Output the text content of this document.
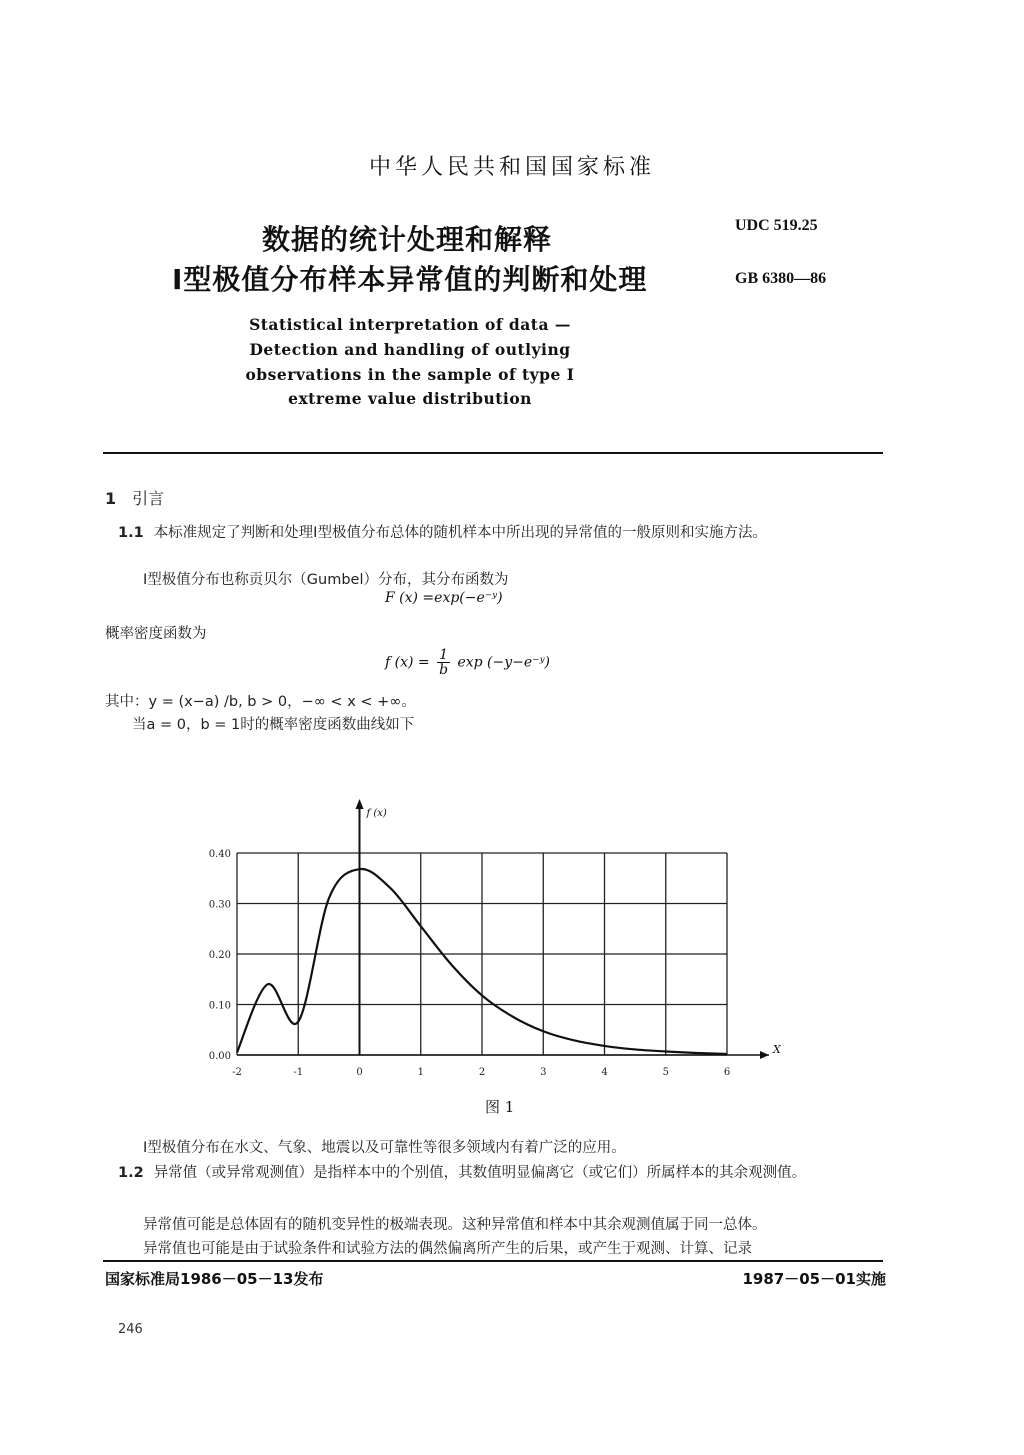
中华人民共和国国家标准
数据的统计处理和解释
I型极值分布样本异常值的判断和处理
UDC 519.25
GB 6380—86
Statistical interpretation of data —
Detection and handling of outlying
observations in the sample of type I
extreme value distribution
1 引言
1.1 本标准规定了判断和处理I型极值分布总体的随机样本中所出现的异常值的一般原则和实施方法。
I型极值分布也称贡贝尔（Gumbel）分布，其分布函数为
F (x) =exp(−e⁻ʸ)
概率密度函数为
f $(x) = \frac{1}{b}$ exp (−y−e⁻ʸ)
其中：y = (x−a) /b, b > 0，−∞ < x < +∞。
当a = 0，b = 1时的概率密度函数曲线如下
X
f (x)
-2	-1	0	1	2	3	4	5	6
0.00
0.10
0.20
0.30
0.40
图 1
I型极值分布在水文、气象、地震以及可靠性等很多领域内有着广泛的应用。
1.2 异常值（或异常观测值）是指样本中的个别值，其数值明显偏离它（或它们）所属样本的其余观测值。
异常值可能是总体固有的随机变异性的极端表现。这种异常值和样本中其余观测值属于同一总体。
异常值也可能是由于试验条件和试验方法的偶然偏离所产生的后果，或产生于观测、计算、记录
国家标准局1986－05－13发布	1987－05－01实施
246
